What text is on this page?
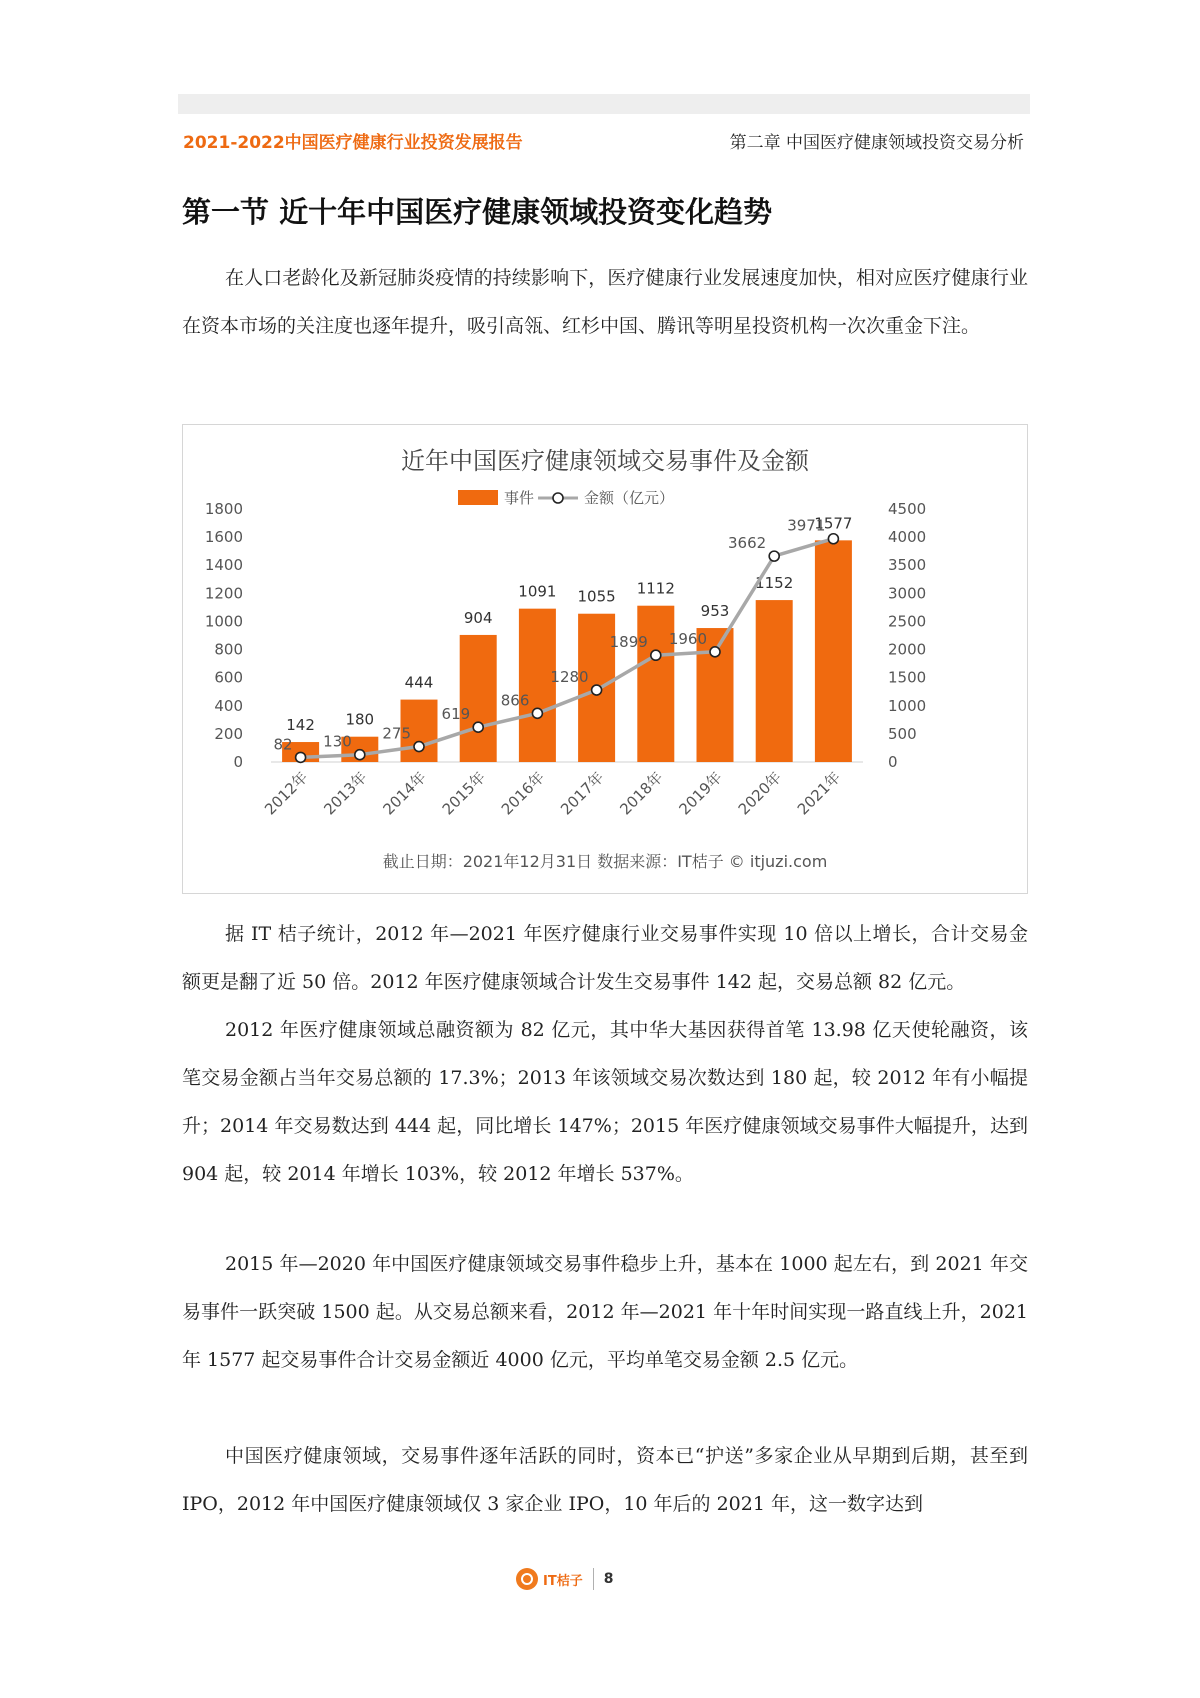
2021-2022中国医疗健康行业投资发展报告	第二章 中国医疗健康领域投资交易分析
第一节 近十年中国医疗健康领域投资变化趋势
在人口老龄化及新冠肺炎疫情的持续影响下，医疗健康行业发展速度加快，相对应医疗健康行业在资本市场的关注度也逐年提升，吸引高瓴、红杉中国、腾讯等明星投资机构一次次重金下注。
近年中国医疗健康领域交易事件及金额
事件	金额（亿元）
0
200
400
600
800
1000
1200
1400
1600
1800
0
500
1000
1500
2000
2500
3000
3500
4000
4500
142 180
444
904
1091 1055 1112
953
1152
1577
82 130 275
619
866
1280
1899 1960
3662
3971
2012年 2013年 2014年 2015年 2016年 2017年 2018年 2019年 2020年 2021年
截止日期：2021年12月31日 数据来源：IT桔子 © itjuzi.com
据 IT 桔子统计，2012 年—2021 年医疗健康行业交易事件实现 10 倍以上增长，合计交易金额更是翻了近 50 倍。2012 年医疗健康领域合计发生交易事件 142 起，交易总额 82 亿元。
2012 年医疗健康领域总融资额为 82 亿元，其中华大基因获得首笔 13.98 亿天使轮融资，该笔交易金额占当年交易总额的 17.3%；2013 年该领域交易次数达到 180 起，较 2012 年有小幅提升；2014 年交易数达到 444 起，同比增长 147%；2015 年医疗健康领域交易事件大幅提升，达到 904 起，较 2014 年增长 103%，较 2012 年增长 537%。
2015 年—2020 年中国医疗健康领域交易事件稳步上升，基本在 1000 起左右，到 2021 年交易事件一跃突破 1500 起。从交易总额来看，2012 年—2021 年十年时间实现一路直线上升，2021 年 1577 起交易事件合计交易金额近 4000 亿元，平均单笔交易金额 2.5 亿元。
中国医疗健康领域，交易事件逐年活跃的同时，资本已“护送”多家企业从早期到后期，甚至到 IPO，2012 年中国医疗健康领域仅 3 家企业 IPO，10 年后的 2021 年，这一数字达到
IT桔子 8
